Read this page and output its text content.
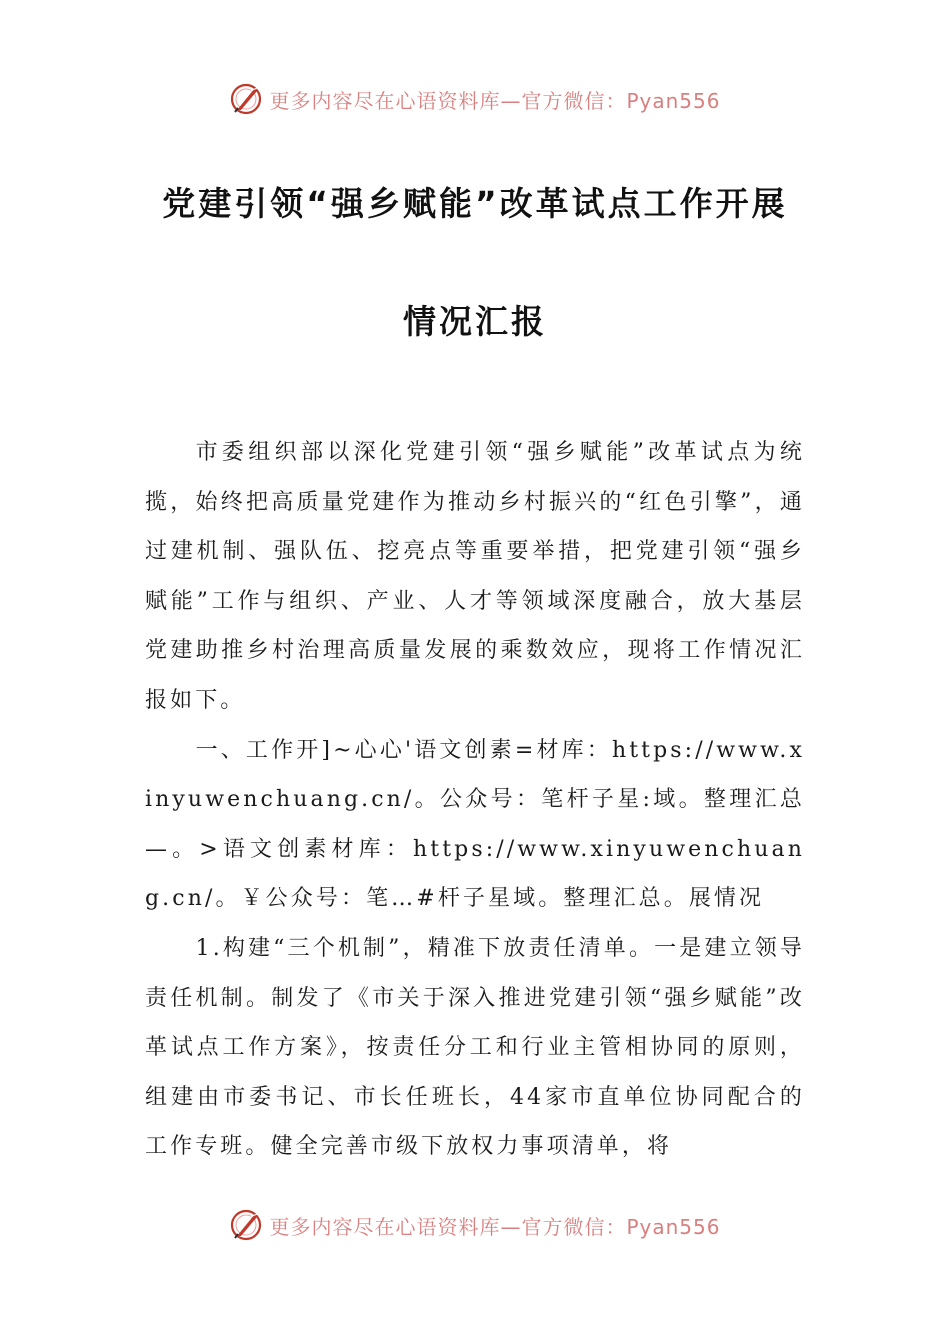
更多内容尽在心语资料库—官方微信：Pyan556
党建引领“强乡赋能”改革试点工作开展
情况汇报

市委组织部以深化党建引领“强乡赋能”改革试点为统揽，始终把高质量党建作为推动乡村振兴的“红色引擎”，通过建机制、强队伍、挖亮点等重要举措，把党建引领“强乡赋能”工作与组织、产业、人才等领域深度融合，放大基层党建助推乡村治理高质量发展的乘数效应，现将工作情况汇报如下。

一、工作开]~心心'语文创素=材库：https://www.xinyuwenchuang.cn/。公众号：笔杆子星:域。整理汇总—。>语文创素材库：https://www.xinyuwenchuang.cn/。￥公众号：笔…#杆子星域。整理汇总。展情况

1.构建“三个机制”，精准下放责任清单。一是建立领导责任机制。制发了《市关于深入推进党建引领“强乡赋能”改革试点工作方案》，按责任分工和行业主管相协同的原则，组建由市委书记、市长任班长，44家市直单位协同配合的工作专班。健全完善市级下放权力事项清单，将

更多内容尽在心语资料库—官方微信：Pyan556
